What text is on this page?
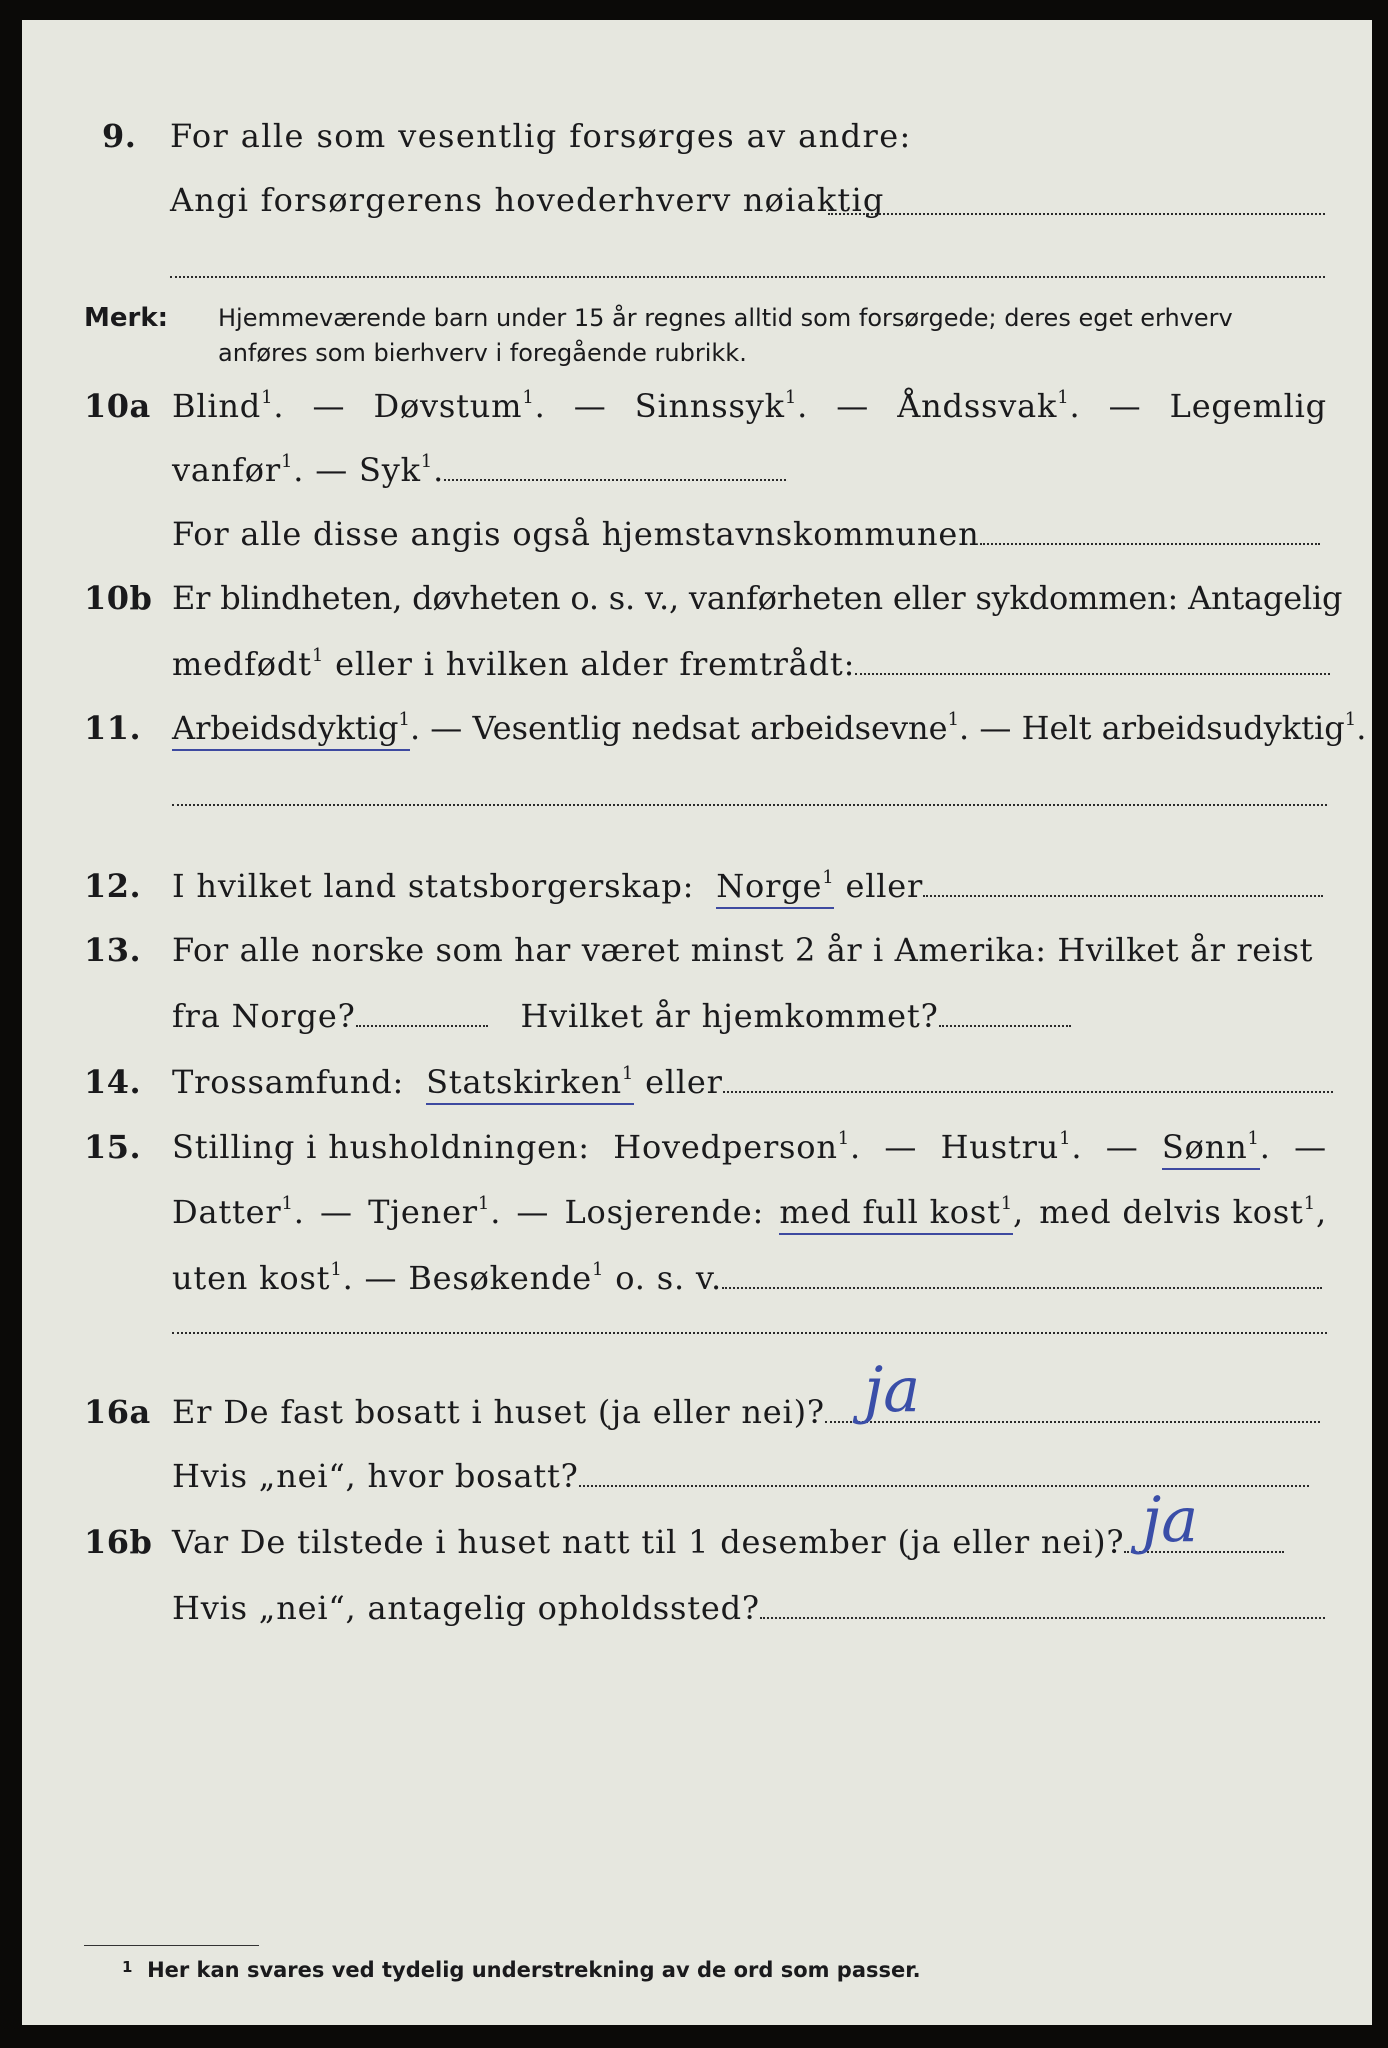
9. For alle som vesentlig forsørges av andre:
Angi forsørgerens hovederhverv nøiaktig
Merk: Hjemmeværende barn under 15 år regnes alltid som forsørgede; deres eget erhverv
anføres som bierhverv i foregående rubrikk.
10a Blind$^1$. — Døvstum$^1$. — Sinnssyk$^1$. — Åndssvak$^1$. — Legemlig
vanfør$^1$. — Syk$^1$.
For alle disse angis også hjemstavnskommunen
10b Er blindheten, døvheten o. s. v., vanførheten eller sykdommen: Antagelig
medfødt$^1$ eller i hvilken alder fremtrådt:
11. Arbeidsdyktig$^1$. — Vesentlig nedsat arbeidsevne$^1$. — Helt arbeidsudyktig$^1$.
12. I hvilket land statsborgerskap: Norge$^1$ eller
13. For alle norske som har været minst 2 år i Amerika: Hvilket år reist
fra Norge?	Hvilket år hjemkommet?
14. Trossamfund: Statskirken$^1$ eller
15. Stilling i husholdningen: Hovedperson$^1$. — Hustru$^1$. — Sønn$^1$. —
Datter$^1$. — Tjener$^1$. — Losjerende: med full kost$^1$, med delvis kost$^1$,
uten kost$^1$. — Besøkende$^1$ o. s. v.
16a Er De fast bosatt i huset (ja eller nei)? ja
Hvis „nei“, hvor bosatt?
16b Var De tilstede i huset natt til 1 desember (ja eller nei)? ja
Hvis „nei“, antagelig opholdssted?
$^1$ Her kan svares ved tydelig understrekning av de ord som passer.
